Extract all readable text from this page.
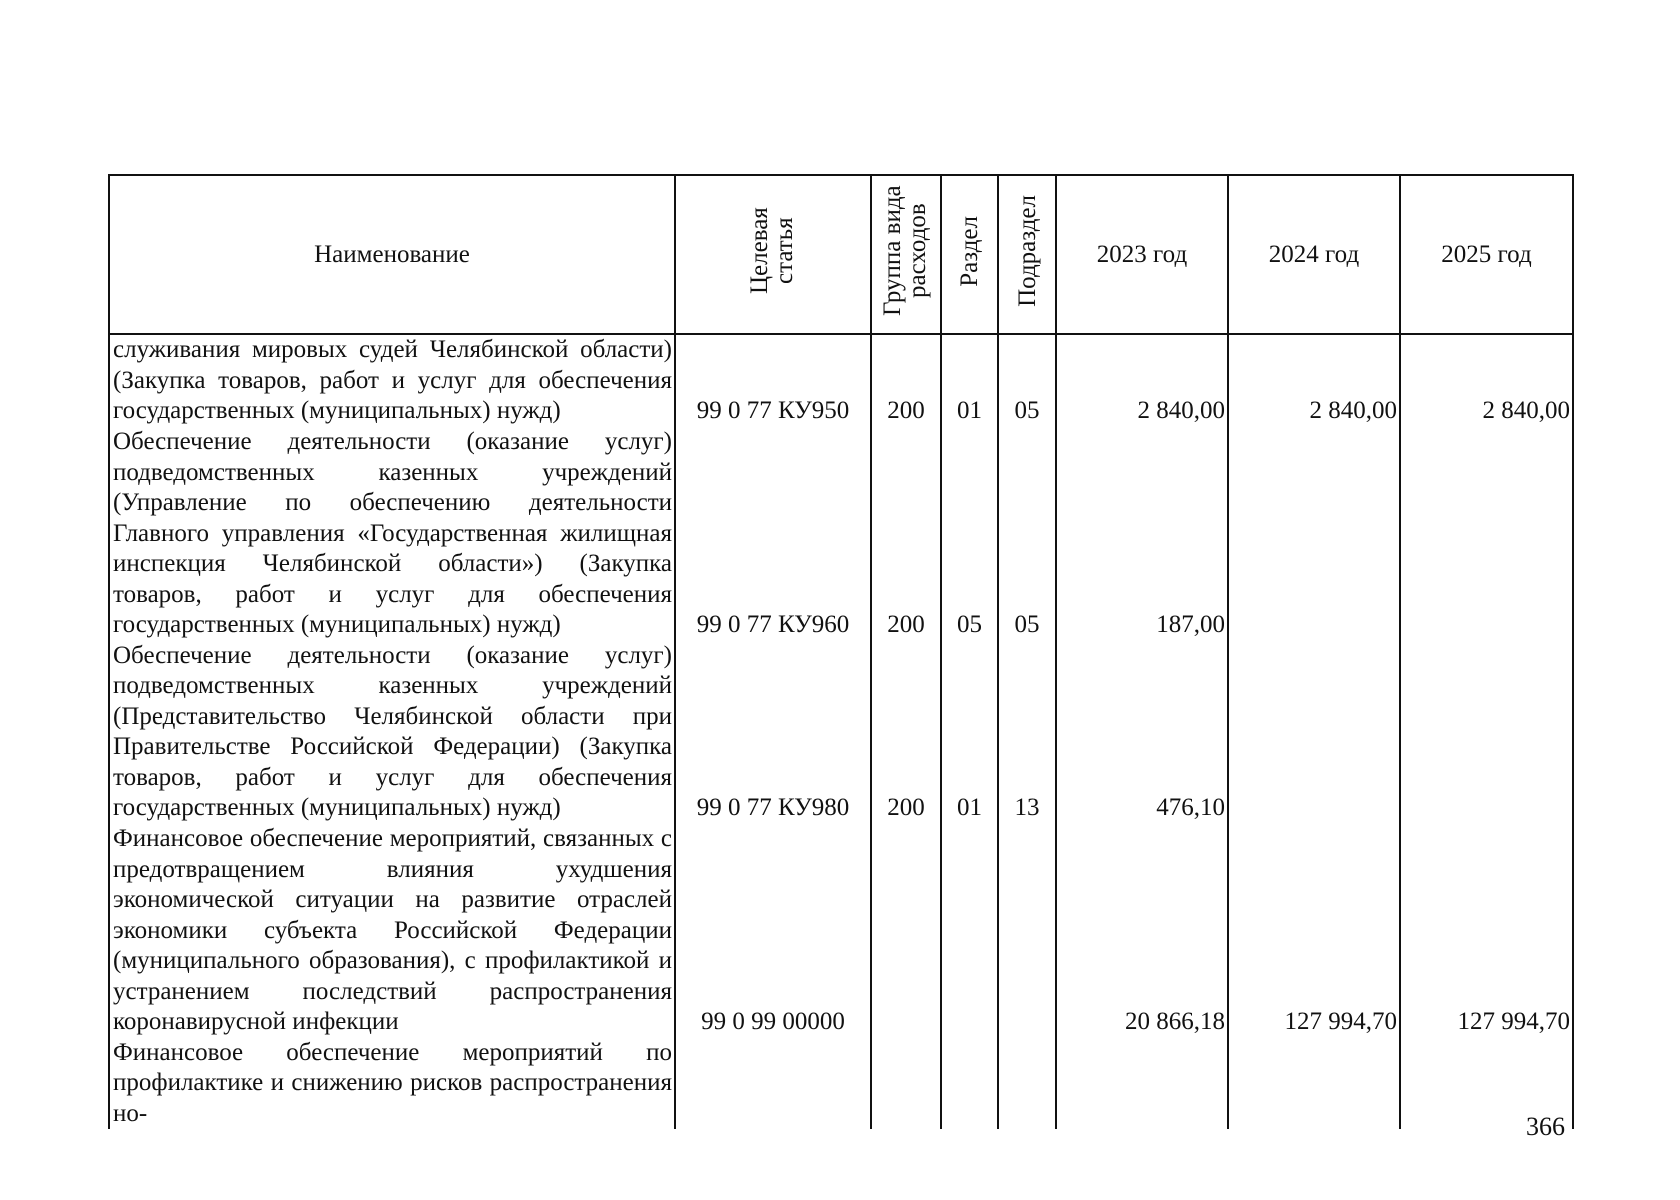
Наименование	Целевая статья	Группа вида расходов	Раздел	Подраздел	2023 год	2024 год	2025 год
служивания мировых судей Челябинской области) (Закупка товаров, работ и услуг для обеспечения государственных (муниципальных) нужд)	99 0 77 КУ950	200	01	05	2 840,00	2 840,00	2 840,00
Обеспечение деятельности (оказание услуг) подведомственных казенных учреждений (Управление по обеспечению деятельности Главного управления «Государственная жилищная инспекция Челябинской области») (Закупка товаров, работ и услуг для обеспечения государственных (муниципальных) нужд)	99 0 77 КУ960	200	05	05	187,00		
Обеспечение деятельности (оказание услуг) подведомственных казенных учреждений (Представительство Челябинской области при Правительстве Российской Федерации) (Закупка товаров, работ и услуг для обеспечения государственных (муниципальных) нужд)	99 0 77 КУ980	200	01	13	476,10		
Финансовое обеспечение мероприятий, связанных с предотвращением влияния ухудшения экономической ситуации на развитие отраслей экономики субъекта Российской Федерации (муниципального образования), с профилактикой и устранением последствий распространения коронавирусной инфекции	99 0 99 00000				20 866,18	127 994,70	127 994,70
Финансовое обеспечение мероприятий по профилактике и снижению рисков распространения но-								366
